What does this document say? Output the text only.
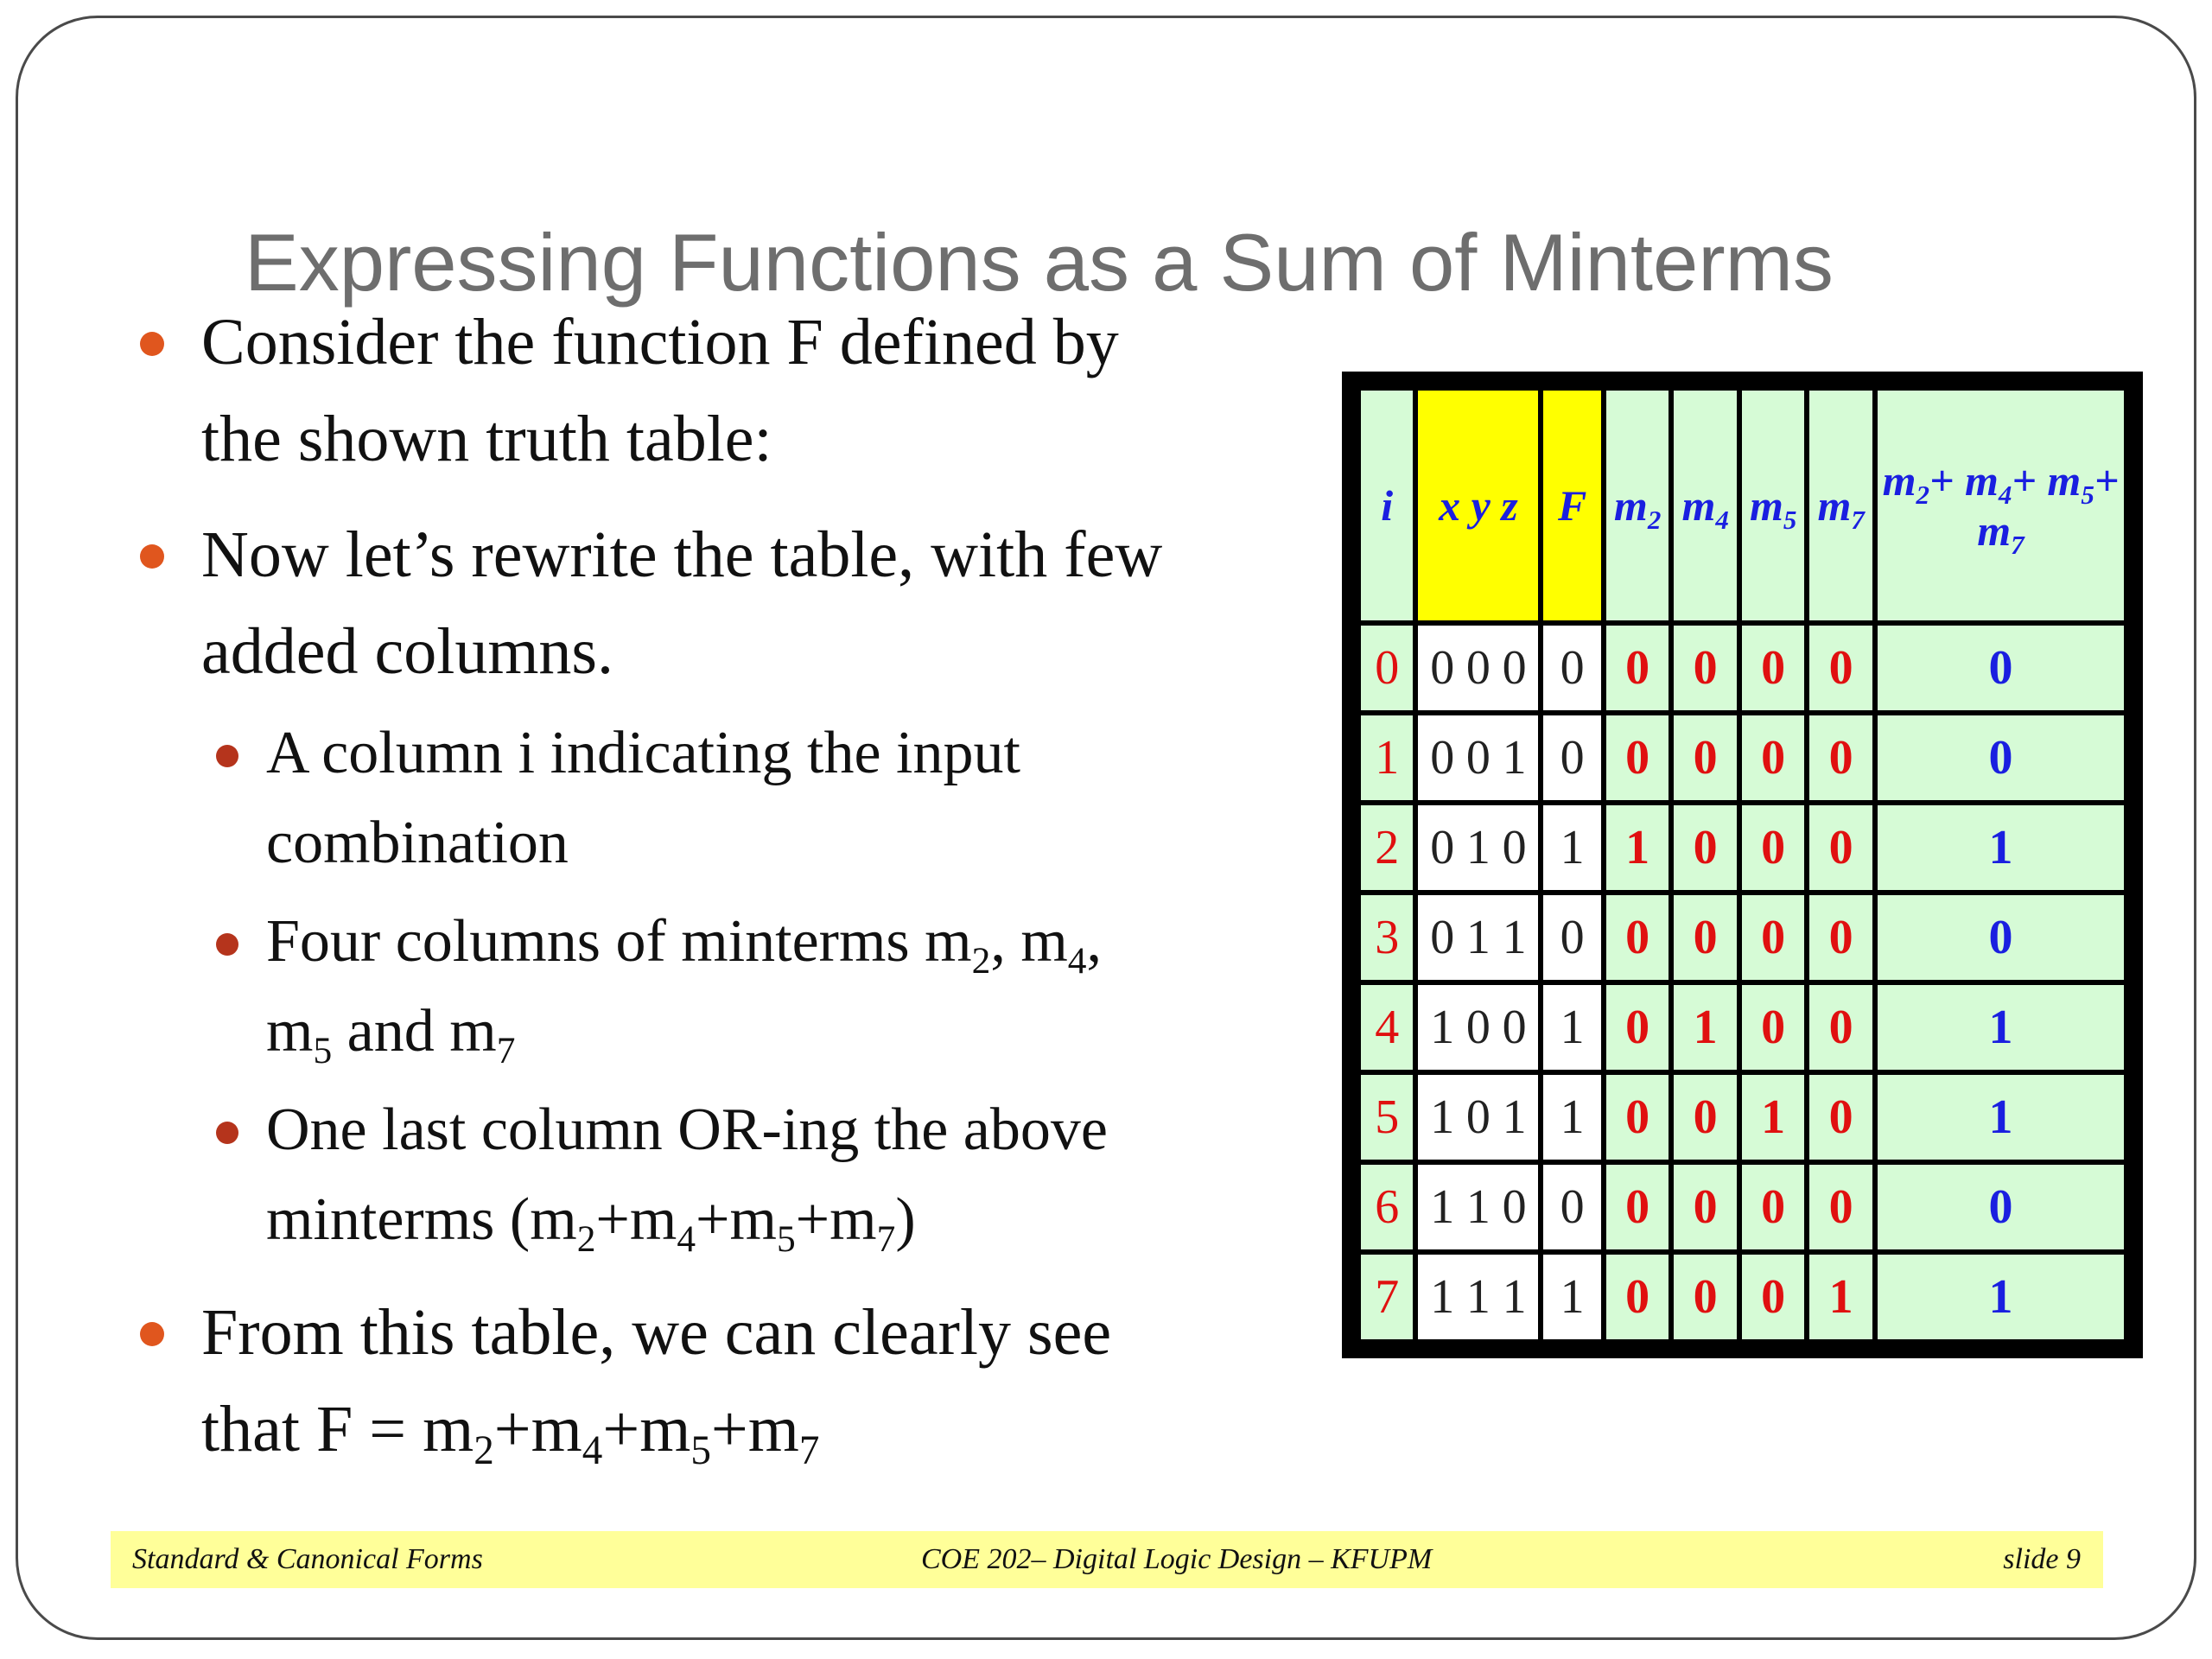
Expressing Functions as a Sum of Minterms

Consider the function F defined by
the shown truth table:

Now let’s rewrite the table, with few
added columns.

A column i indicating the input
combination

Four columns of minterms $m_2$, $m_4$,
$m_5$ and $m_7$

One last column OR-ing the above
minterms $(m_2+m_4+m_5+m_7)$

From this table, we can clearly see
that $F = m_2+m_4+m_5+m_7$

i	x y z	F	$m_2$	$m_4$	$m_5$	$m_7$	$m_2+ m_4+ m_5+ m_7$
0	0 0 0	0	0	0	0	0	0
1	0 0 1	0	0	0	0	0	0
2	0 1 0	1	1	0	0	0	1
3	0 1 1	0	0	0	0	0	0
4	1 0 0	1	0	1	0	0	1
5	1 0 1	1	0	0	1	0	1
6	1 1 0	0	0	0	0	0	0
7	1 1 1	1	0	0	0	1	1
Standard & Canonical Forms	COE 202– Digital Logic Design – KFUPM	slide 9
